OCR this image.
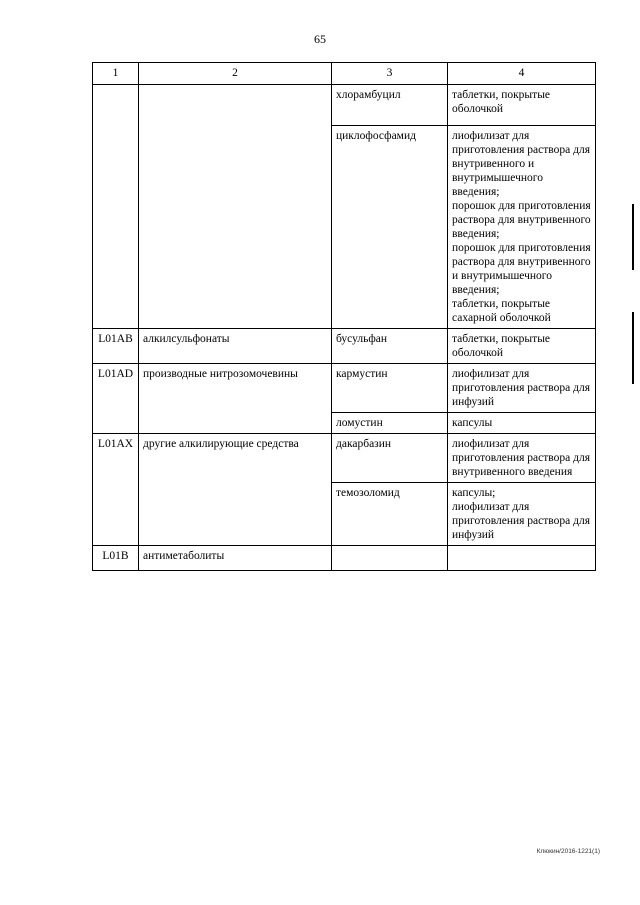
65
1	2	3	4
		хлорамбуцил	таблетки, покрытые оболочкой

		циклофосфамид	лиофилизат для приготовления раствора для внутривенного и внутримышечного введения;
порошок для приготовления раствора для внутривенного введения;
порошок для приготовления раствора для внутривенного и внутримышечного введения;
таблетки, покрытые сахарной оболочкой

L01AB	алкилсульфонаты	бусульфан	таблетки, покрытые оболочкой

L01AD	производные нитрозомочевины	кармустин	лиофилизат для приготовления раствора для инфузий

		ломустин	капсулы

L01AX	другие алкилирующие средства	дакарбазин	лиофилизат для приготовления раствора для внутривенного введения

		темозоломид	капсулы;
лиофилизат для приготовления раствора для инфузий

L01B	антиметаболиты		
Клюкин/2016-1221(1)
